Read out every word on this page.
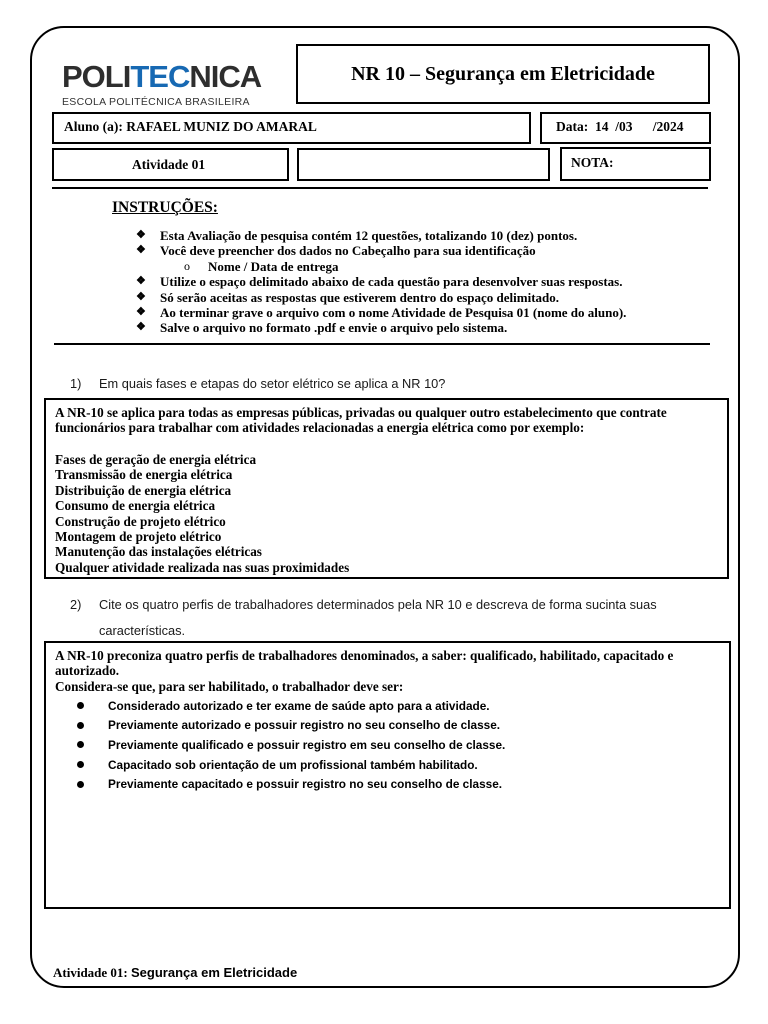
POLITECNICA
ESCOLA POLITÉCNICA BRASILEIRA
NR 10 – Segurança em Eletricidade
Aluno (a): RAFAEL MUNIZ DO AMARAL	Data:  14  /03      /2024
Atividade 01	NOTA:
INSTRUÇÕES:
❖	Esta Avaliação de pesquisa contém 12 questões, totalizando 10 (dez) pontos.
❖	Você deve preencher dos dados no Cabeçalho para sua identificação
o	Nome / Data de entrega
❖	Utilize o espaço delimitado abaixo de cada questão para desenvolver suas respostas.
❖	Só serão aceitas as respostas que estiverem dentro do espaço delimitado.
❖	Ao terminar grave o arquivo com o nome Atividade de Pesquisa 01 (nome do aluno).
❖	Salve o arquivo no formato .pdf e envie o arquivo pelo sistema.
1) Em quais fases e etapas do setor elétrico se aplica a NR 10?
A NR-10 se aplica para todas as empresas públicas, privadas ou qualquer outro estabelecimento que contrate funcionários para trabalhar com atividades relacionadas a energia elétrica como por exemplo:
Fases de geração de energia elétrica
Transmissão de energia elétrica
Distribuição de energia elétrica
Consumo de energia elétrica
Construção de projeto elétrico
Montagem de projeto elétrico
Manutenção das instalações elétricas
Qualquer atividade realizada nas suas proximidades
2) Cite os quatro perfis de trabalhadores determinados pela NR 10 e descreva de forma sucinta suas
características.
A NR-10 preconiza quatro perfis de trabalhadores denominados, a saber: qualificado, habilitado, capacitado e autorizado.
Considera-se que, para ser habilitado, o trabalhador deve ser:
Considerado autorizado e ter exame de saúde apto para a atividade.
Previamente autorizado e possuir registro no seu conselho de classe.
Previamente qualificado e possuir registro em seu conselho de classe.
Capacitado sob orientação de um profissional também habilitado.
Previamente capacitado e possuir registro no seu conselho de classe.
Atividade 01: Segurança em Eletricidade
